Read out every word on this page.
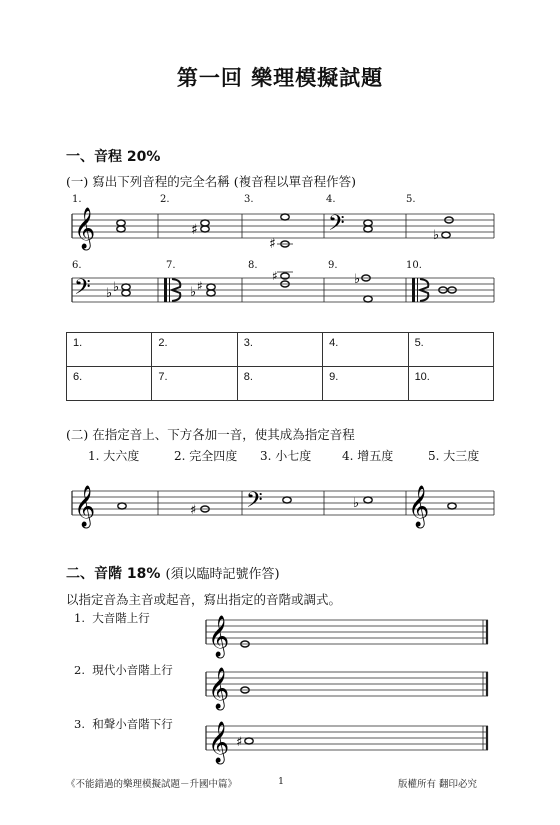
第一回 樂理模擬試題
一、音程 20%
(一) 寫出下列音程的完全名稱 (複音程以單音程作答)
1.	2.	3.	4.	5.
𝄞	♯
♯
𝄢	♭
6.	7.	8.	9.	10.
𝄢 ♭ ♭	♭ ♯
♯	♭
1.	2.	3.	4.	5.
6.	7.	8.	9.	10.
(二) 在指定音上、下方各加一音，使其成為指定音程
1. 大六度	2. 完全四度 3. 小七度	4. 增五度	5. 大三度
𝄞	♯ 𝄢	♭ 𝄞
二、音階 18% (須以臨時記號作答)
以指定音為主音或起音，寫出指定的音階或調式。
1. 大音階上行
2. 現代小音階上行
3. 和聲小音階下行
𝄞
𝄞
𝄞 ♯
《不能錯過的樂理模擬試題－升國中篇》	1	版權所有 翻印必究
